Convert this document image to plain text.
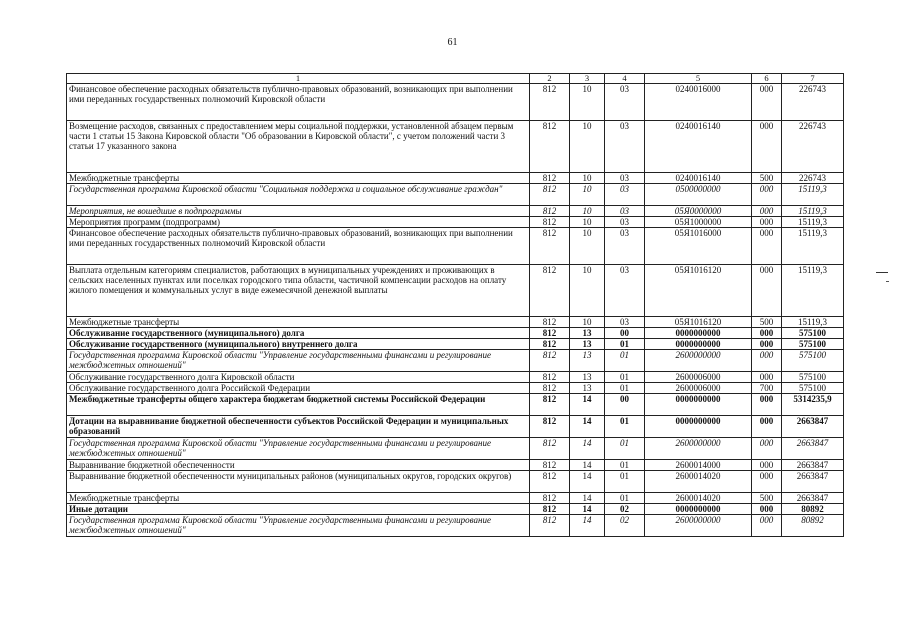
61
1	2	3	4	5	6	7
Финансовое обеспечение расходных обязательств публично-правовых образований, возникающих при выполнении ими переданных государственных полномочий Кировской области	812	10	03	0240016000	000	226743
Возмещение расходов, связанных с предоставлением меры социальной поддержки, установленной абзацем первым части 1 статьи 15 Закона Кировской области "Об образовании в Кировской области", с учетом положений части 3 статьи 17 указанного закона	812	10	03	0240016140	000	226743
Межбюджетные трансферты	812	10	03	0240016140	500	226743
Государственная программа Кировской области "Социальная поддержка и социальное обслуживание граждан"	812	10	03	0500000000	000	15119,3
Мероприятия, не вошедшие в подпрограммы	812	10	03	05Я0000000	000	15119,3
Мероприятия программ (подпрограмм)	812	10	03	05Я1000000	000	15119,3
Финансовое обеспечение расходных обязательств публично-правовых образований, возникающих при выполнении ими переданных государственных полномочий Кировской области	812	10	03	05Я1016000	000	15119,3
Выплата отдельным категориям специалистов, работающих в муниципальных учреждениях и проживающих в сельских населенных пунктах или поселках городского типа области, частичной компенсации расходов на оплату жилого помещения и коммунальных услуг в виде ежемесячной денежной выплаты	812	10	03	05Я1016120	000	15119,3
Межбюджетные трансферты	812	10	03	05Я1016120	500	15119,3
Обслуживание государственного (муниципального) долга	812	13	00	0000000000	000	575100
Обслуживание государственного (муниципального) внутреннего долга	812	13	01	0000000000	000	575100
Государственная программа Кировской области "Управление государственными финансами и регулирование межбюджетных отношений"	812	13	01	2600000000	000	575100
Обслуживание государственного долга Кировской области	812	13	01	2600006000	000	575100
Обслуживание государственного долга Российской Федерации	812	13	01	2600006000	700	575100
Межбюджетные трансферты общего характера бюджетам бюджетной системы Российской Федерации	812	14	00	0000000000	000	5314235,9
Дотации на выравнивание бюджетной обеспеченности субъектов Российской Федерации и муниципальных образований	812	14	01	0000000000	000	2663847
Государственная программа Кировской области "Управление государственными финансами и регулирование межбюджетных отношений"	812	14	01	2600000000	000	2663847
Выравнивание бюджетной обеспеченности	812	14	01	2600014000	000	2663847
Выравнивание бюджетной обеспеченности муниципальных районов (муниципальных округов, городских округов)	812	14	01	2600014020	000	2663847
Межбюджетные трансферты	812	14	01	2600014020	500	2663847
Иные дотации	812	14	02	0000000000	000	80892
Государственная программа Кировской области "Управление государственными финансами и регулирование межбюджетных отношений"	812	14	02	2600000000	000	80892
